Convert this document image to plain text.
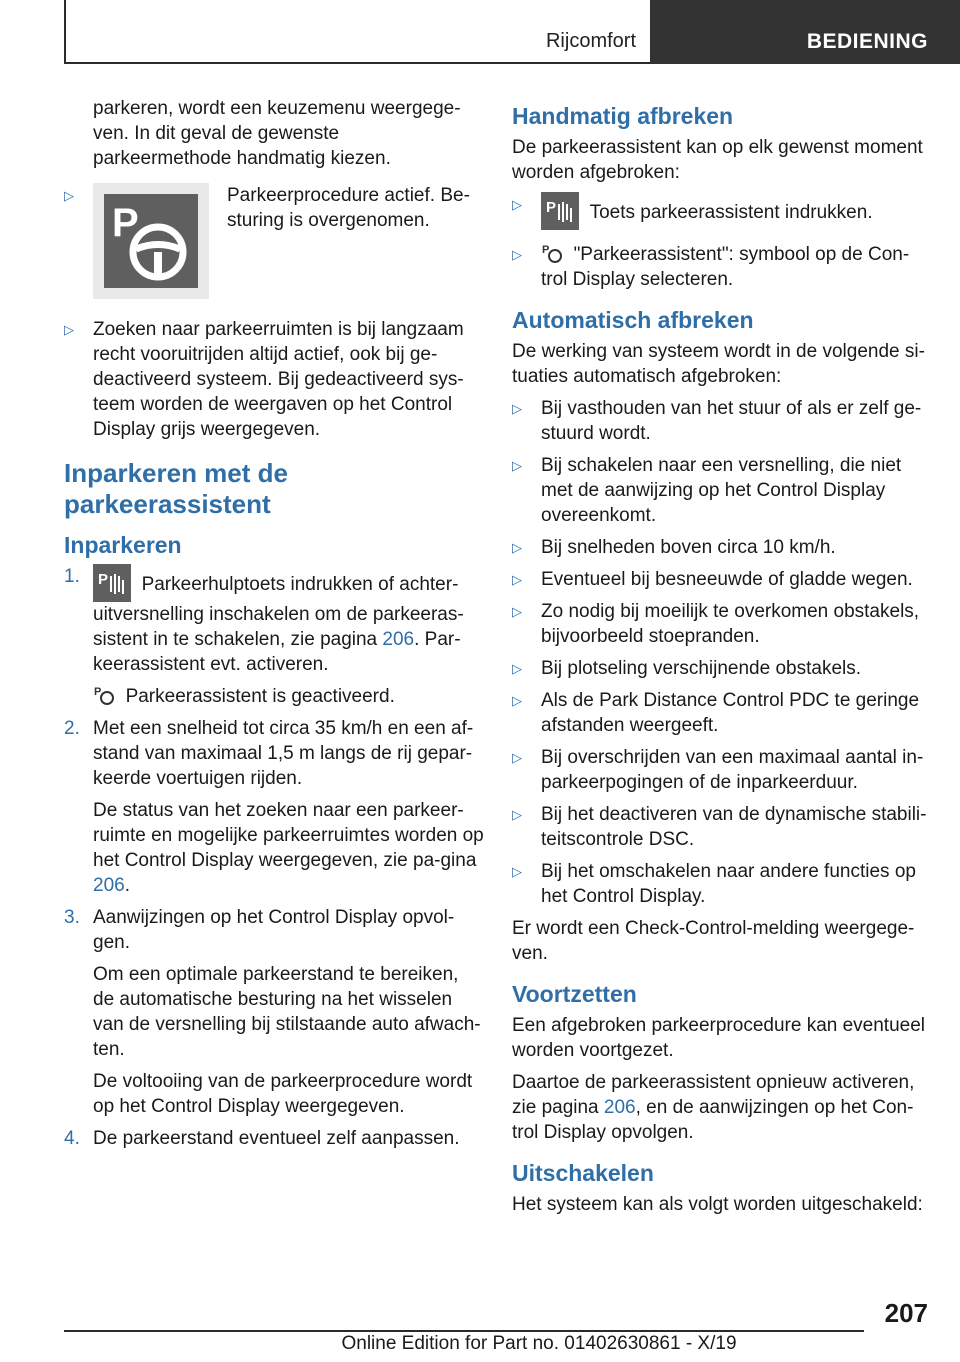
Rijcomfort	BEDIENING

parkeren, wordt een keuzemenu weergege-
ven. In dit geval de gewenste
parkeermethode handmatig kiezen.

▷
P
Parkeerprocedure actief. Be-
sturing is overgenomen.
▷	Zoeken naar parkeerruimten is bij langzaam recht vooruitrijden altijd actief, ook bij ge-deactiveerd systeem. Bij gedeactiveerd sys-teem worden de weergaven op het Control Display grijs weergegeven.
Inparkeren met de parkeerassistent
Inparkeren
1.	P Parkeerhulptoets indrukken of achter-uitversnelling inschakelen om de parkeeras-sistent in te schakelen, zie pagina 206. Par-keerassistent evt. activeren.

P Parkeerassistent is geactiveerd.

2. Met een snelheid tot circa 35 km/h en een af-stand van maximaal 1,5 m langs de rij gepar-keerde voertuigen rijden.

De status van het zoeken naar een parkeer-ruimte en mogelijke parkeerruimtes worden op het Control Display weergegeven, zie pa-gina 206.

3. Aanwijzingen op het Control Display opvol-gen.

Om een optimale parkeerstand te bereiken, de automatische besturing na het wisselen van de versnelling bij stilstaande auto afwach-ten.

De voltooiing van de parkeerprocedure wordt op het Control Display weergegeven.

4. De parkeerstand eventueel zelf aanpassen.

Handmatig afbreken

De parkeerassistent kan op elk gewenst moment worden afgebroken:

▷	P Toets parkeerassistent indrukken.
▷	P "Parkeerassistent": symbool op de Con-trol Display selecteren.
Automatisch afbreken

De werking van systeem wordt in de volgende si-tuaties automatisch afgebroken:

▷	Bij vasthouden van het stuur of als er zelf ge-stuurd wordt.
▷	Bij schakelen naar een versnelling, die niet met de aanwijzing op het Control Display overeenkomt.
▷	Bij snelheden boven circa 10 km/h.
▷	Eventueel bij besneeuwde of gladde wegen.
▷	Zo nodig bij moeilijk te overkomen obstakels, bijvoorbeeld stoepranden.
▷	Bij plotseling verschijnende obstakels.
▷	Als de Park Distance Control PDC te geringe afstanden weergeeft.
▷	Bij overschrijden van een maximaal aantal in-parkeerpogingen of de inparkeerduur.
▷	Bij het deactiveren van de dynamische stabili-teitscontrole DSC.
▷	Bij het omschakelen naar andere functies op het Control Display.

Er wordt een Check-Control-melding weergege-ven.

Voortzetten

Een afgebroken parkeerprocedure kan eventueel worden voortgezet.

Daartoe de parkeerassistent opnieuw activeren, zie pagina 206, en de aanwijzingen op het Con-trol Display opvolgen.

Uitschakelen

Het systeem kan als volgt worden uitgeschakeld:

207
Online Edition for Part no. 01402630861 - X/19
